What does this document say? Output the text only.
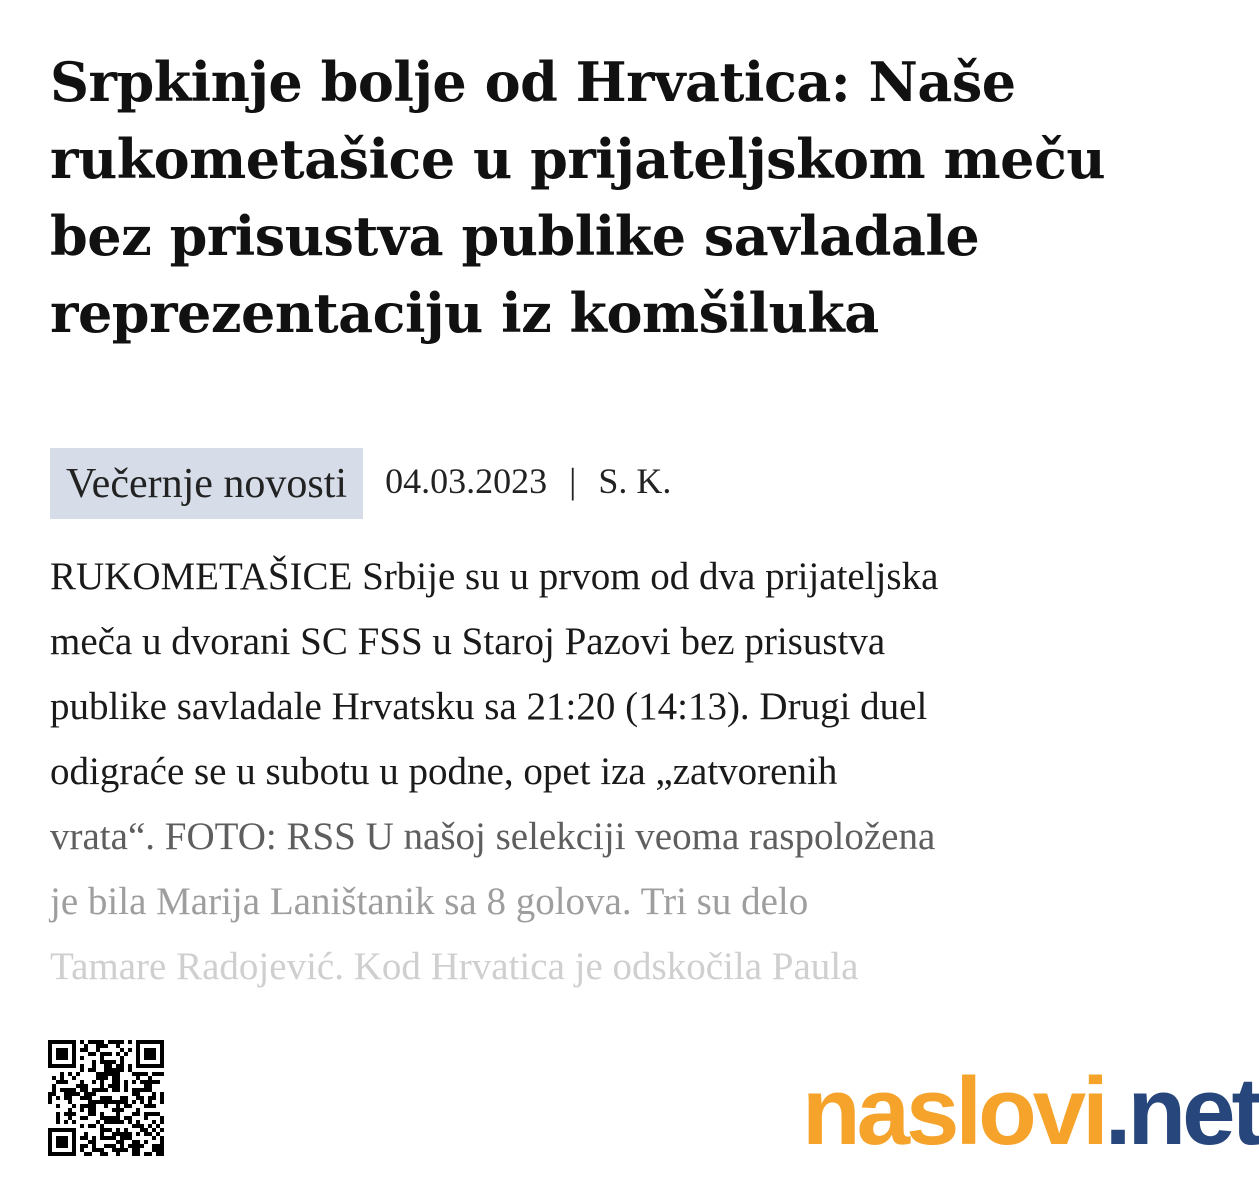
Srpkinje bolje od Hrvatica: Naše rukometašice u prijateljskom meču bez prisustva publike savladale reprezentaciju iz komšiluka
Večernje novosti	04.03.2023 | S. K.
RUKOMETAŠICE Srbije su u prvom od dva prijateljska
meča u dvorani SC FSS u Staroj Pazovi bez prisustva
publike savladale Hrvatsku sa 21:20 (14:13). Drugi duel
odigraće se u subotu u podne, opet iza „zatvorenih
vrata“. FOTO: RSS U našoj selekciji veoma raspoložena
je bila Marija Laništanik sa 8 golova. Tri su delo
Tamare Radojević. Kod Hrvatica je odskočila Paula
naslovi.net
